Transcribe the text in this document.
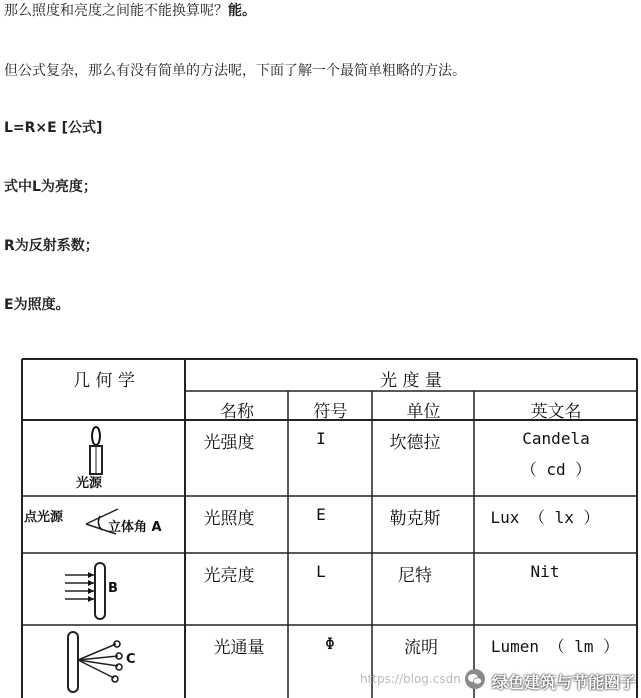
那么照度和亮度之间能不能换算呢？能。
但公式复杂，那么有没有简单的方法呢，下面了解一个最简单粗略的方法。
L=R×E [公式]
式中L为亮度；
R为反射系数；
E为照度。
光源
点光源
立体角 A
B
C
几 何 学	光 度 量
名称	符号	单位	英文名
光强度	I	坎德拉	Candela
（ cd ）
光照度	E	勒克斯	Lux （ lx ）
光亮度	L	尼特	Nit
光通量	Φ	流明	Lumen （ lm ）
https://blog.csdn 绿色建筑与节能圈子
